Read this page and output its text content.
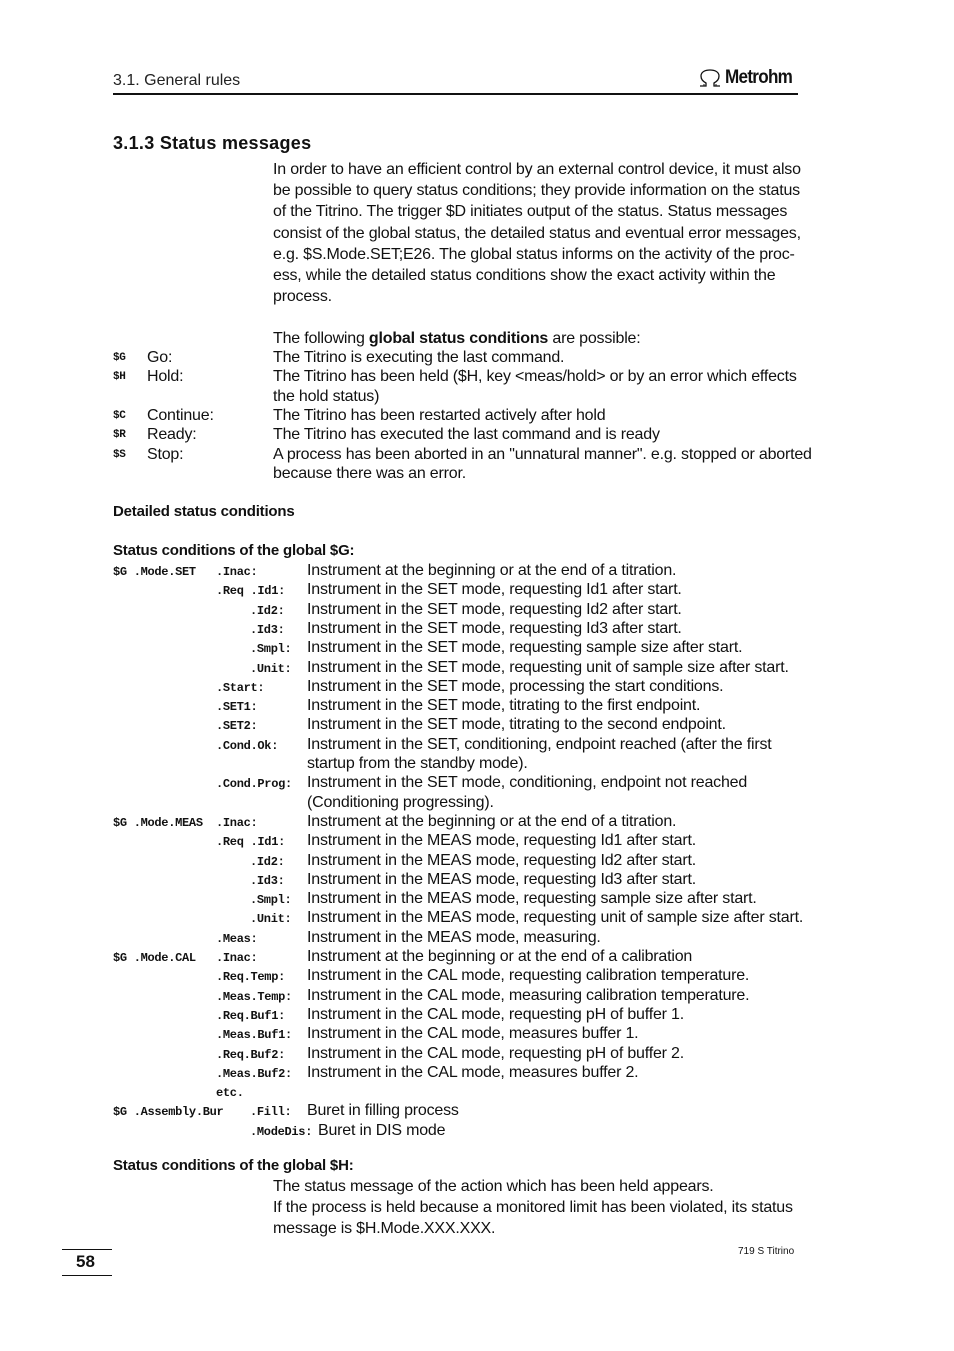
3.1. General rules	Metrohm
3.1.3 Status messages
In order to have an efficient control by an external control device, it must also
be possible to query status conditions; they provide information on the status
of the Titrino. The trigger $D initiates output of the status. Status messages
consist of the global status, the detailed status and eventual error messages,
e.g. $S.Mode.SET;E26. The global status informs on the activity of the proc-
ess, while the detailed status conditions show the exact activity within the
process.
The following global status conditions are possible:
$G Go:	The Titrino is executing the last command.
$H Hold:	The Titrino has been held ($H, key <meas/hold> or by an error which effects
the hold status)
$C Continue:	The Titrino has been restarted actively after hold
$R Ready:	The Titrino has executed the last command and is ready
$S Stop:	A process has been aborted in an "unnatural manner". e.g. stopped or aborted
because there was an error.
Detailed status conditions
Status conditions of the global $G:
$G .Mode.SET .Inac:	Instrument at the beginning or at the end of a titration.
.Req .Id1: Instrument in the SET mode, requesting Id1 after start.
.Id2: Instrument in the SET mode, requesting Id2 after start.
.Id3: Instrument in the SET mode, requesting Id3 after start.
.Smpl: Instrument in the SET mode, requesting sample size after start.
.Unit: Instrument in the SET mode, requesting unit of sample size after start.
.Start:	Instrument in the SET mode, processing the start conditions.
.SET1:	Instrument in the SET mode, titrating to the first endpoint.
.SET2:	Instrument in the SET mode, titrating to the second endpoint.
.Cond.Ok: Instrument in the SET, conditioning, endpoint reached (after the first
startup from the standby mode).
.Cond.Prog: Instrument in the SET mode, conditioning, endpoint not reached
(Conditioning progressing).
$G .Mode.MEAS .Inac:	Instrument at the beginning or at the end of a titration.
.Req .Id1: Instrument in the MEAS mode, requesting Id1 after start.
.Id2: Instrument in the MEAS mode, requesting Id2 after start.
.Id3: Instrument in the MEAS mode, requesting Id3 after start.
.Smpl: Instrument in the MEAS mode, requesting sample size after start.
.Unit: Instrument in the MEAS mode, requesting unit of sample size after start.
.Meas:	Instrument in the MEAS mode, measuring.
$G .Mode.CAL .Inac:	Instrument at the beginning or at the end of a calibration
.Req.Temp: Instrument in the CAL mode, requesting calibration temperature.
.Meas.Temp: Instrument in the CAL mode, measuring calibration temperature.
.Req.Buf1: Instrument in the CAL mode, requesting pH of buffer 1.
.Meas.Buf1: Instrument in the CAL mode, measures buffer 1.
.Req.Buf2: Instrument in the CAL mode, requesting pH of buffer 2.
.Meas.Buf2: Instrument in the CAL mode, measures buffer 2.
etc.
$G .Assembly.Bur .Fill: Buret in filling process
.ModeDis: Buret in DIS mode
Status conditions of the global $H:
The status message of the action which has been held appears.
If the process is held because a monitored limit has been violated, its status
message is $H.Mode.XXX.XXX.
58
719 S Titrino
